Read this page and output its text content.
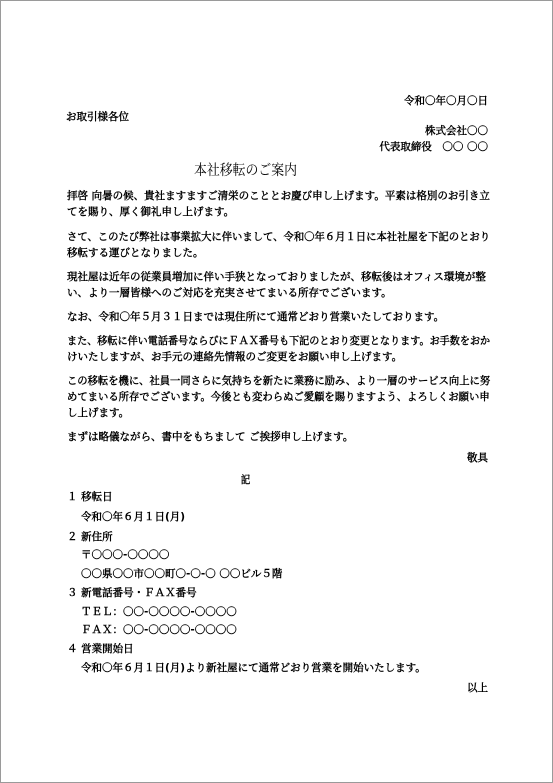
令和〇年〇月〇日
お取引様各位
株式会社〇〇
代表取締役　〇〇 〇〇
本社移転のご案内
拝啓 向暑の候、貴社ますますご清栄のこととお慶び申し上げます。平素は格別のお引き立
てを賜り、厚く御礼申し上げます。
さて、このたび弊社は事業拡大に伴いまして、令和〇年６月１日に本社社屋を下記のとおり
移転する運びとなりました。
現社屋は近年の従業員増加に伴い手狭となっておりましたが、移転後はオフィス環境が整
い、より一層皆様へのご対応を充実させてまいる所存でございます。
なお、令和〇年５月３１日までは現住所にて通常どおり営業いたしております。
また、移転に伴い電話番号ならびにＦＡＸ番号も下記のとおり変更となります。お手数をおか
けいたしますが、お手元の連絡先情報のご変更をお願い申し上げます。
この移転を機に、社員一同さらに気持ちを新たに業務に励み、より一層のサービス向上に努
めてまいる所存でございます。今後とも変わらぬご愛顧を賜りますよう、よろしくお願い申
し上げます。
まずは略儀ながら、書中をもちまして ご挨拶申し上げます。
敬具
記
１ 移転日
令和〇年６月１日(月)
２ 新住所
〒〇〇〇-〇〇〇〇
〇〇県〇〇市〇〇町〇-〇-〇 〇〇ビル５階
３ 新電話番号・ＦＡＸ番号
ＴＥＬ：〇〇-〇〇〇〇-〇〇〇〇
ＦＡＸ：〇〇-〇〇〇〇-〇〇〇〇
４ 営業開始日
令和〇年６月１日(月)より新社屋にて通常どおり営業を開始いたします。
以上
